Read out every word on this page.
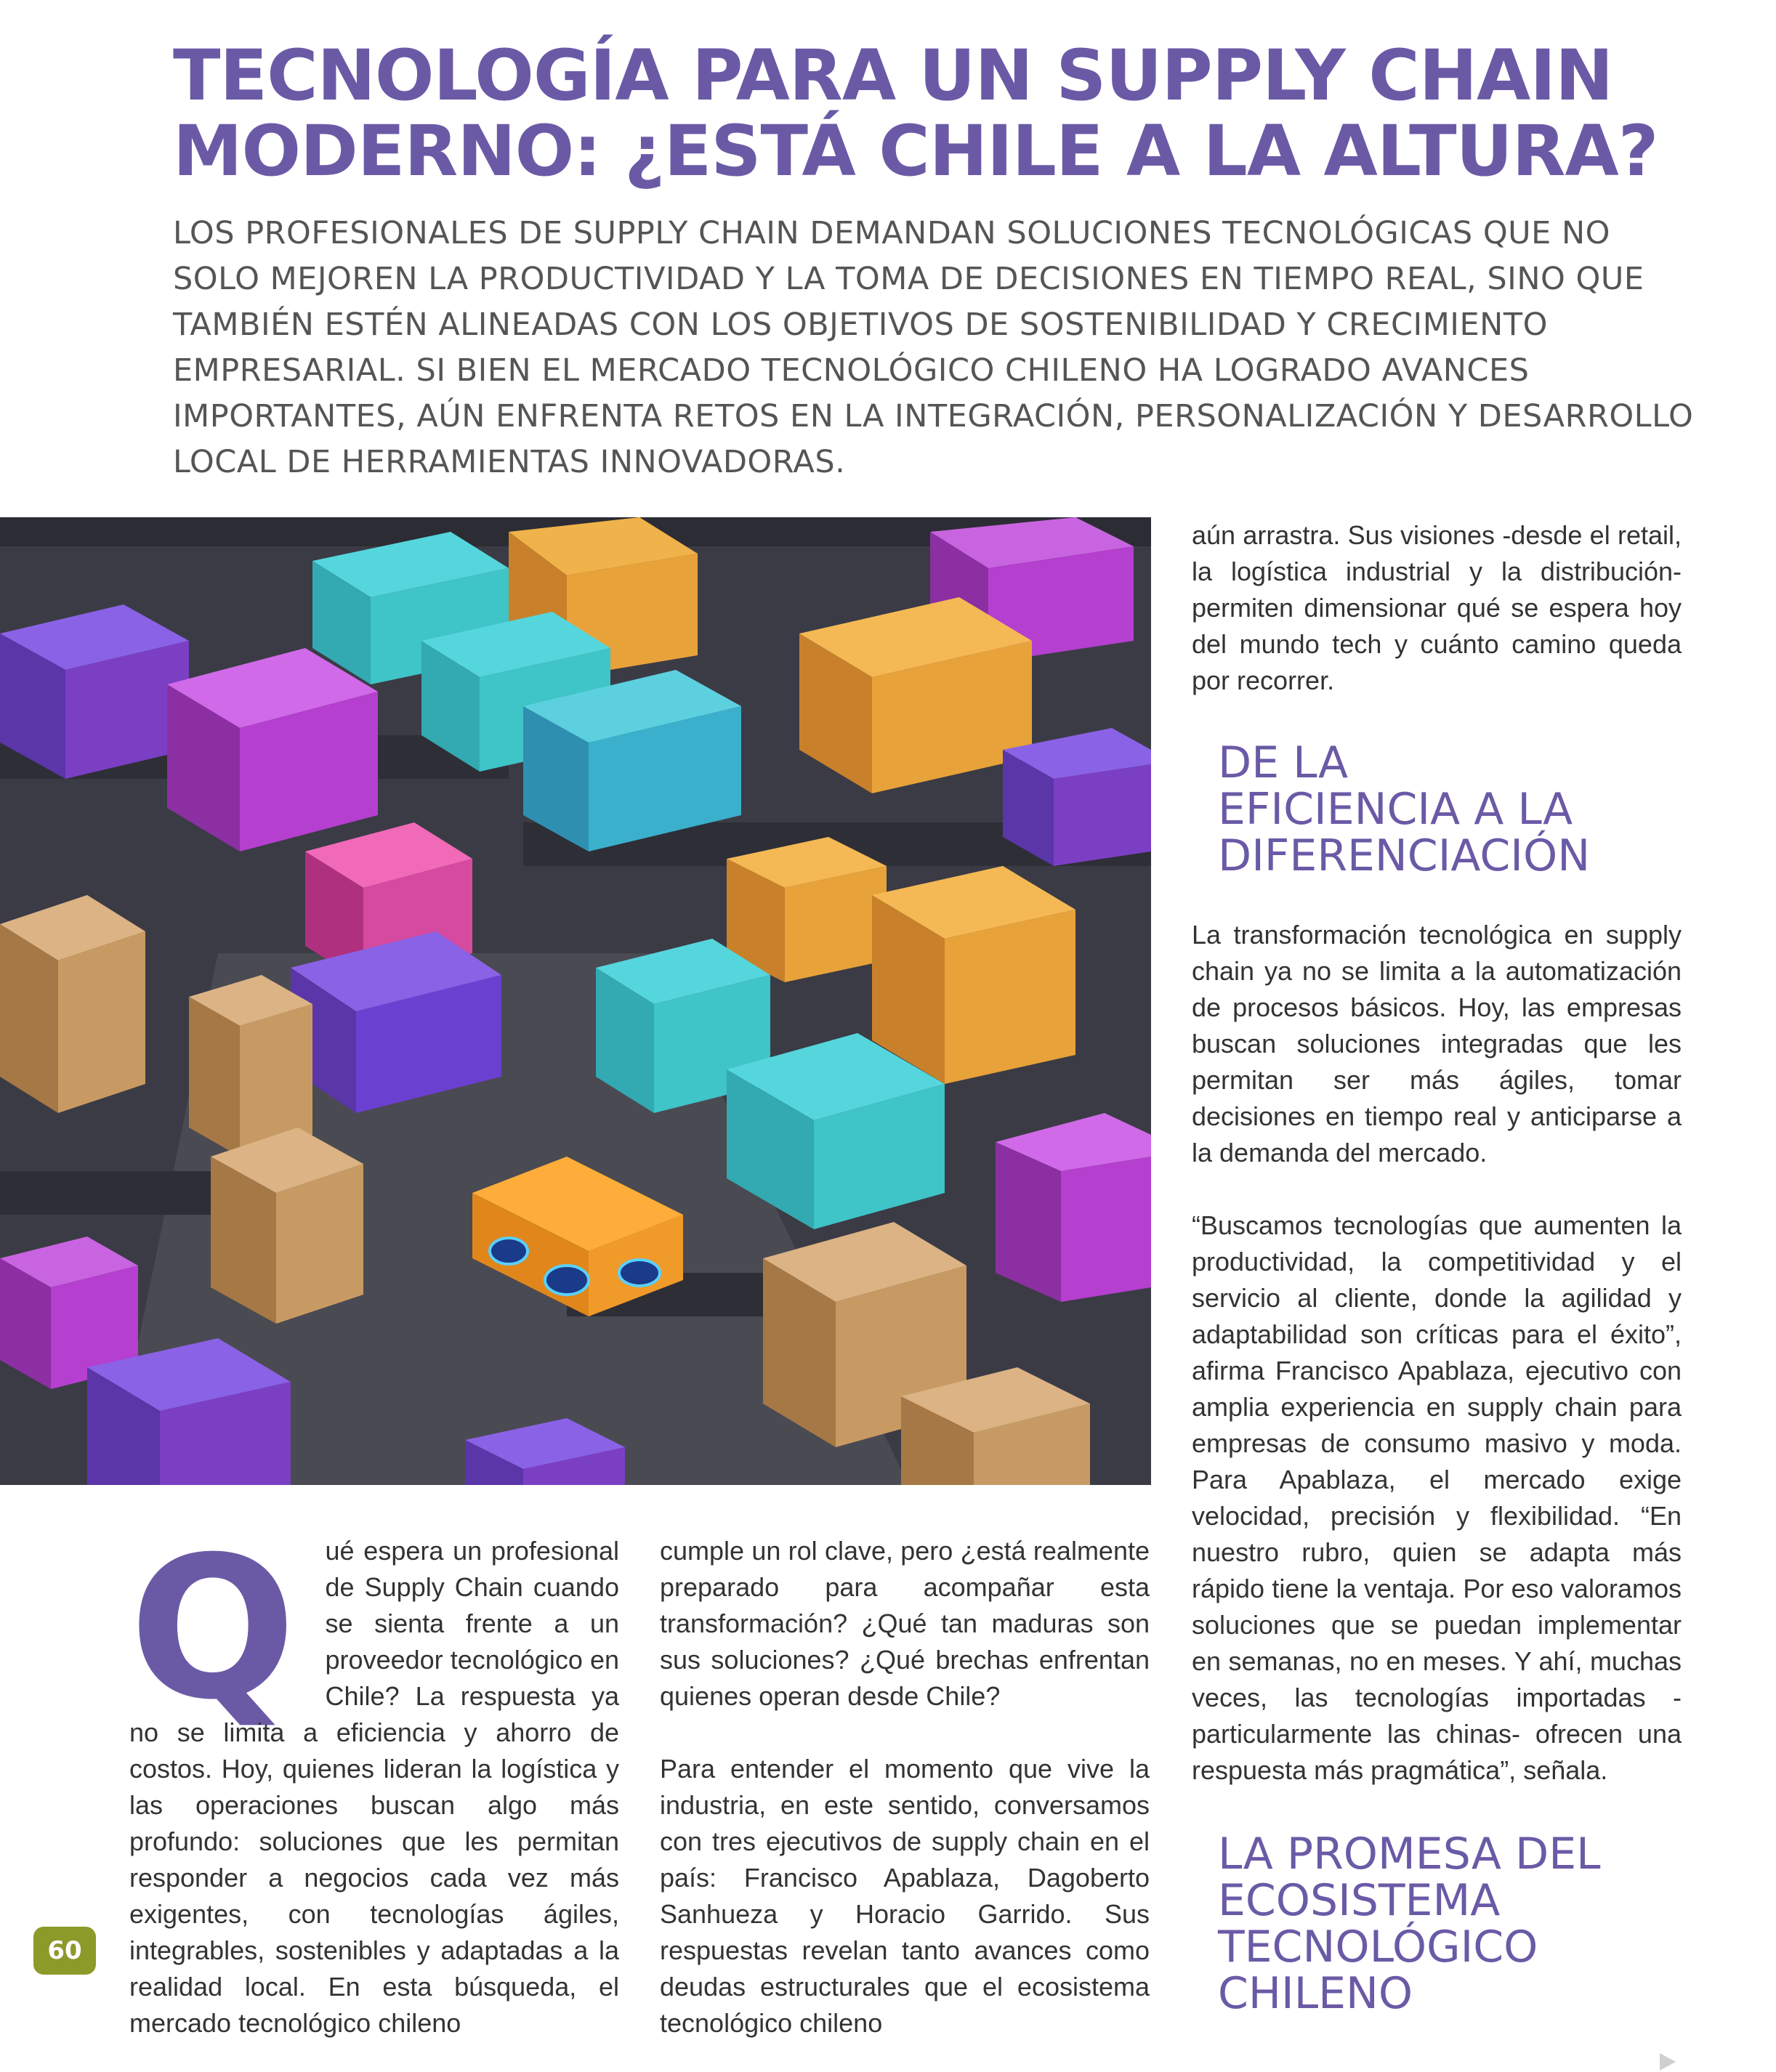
TECNOLOGÍA PARA UN SUPPLY CHAIN
MODERNO: ¿ESTÁ CHILE A LA ALTURA?
LOS PROFESIONALES DE SUPPLY CHAIN DEMANDAN SOLUCIONES TECNOLÓGICAS QUE NO
SOLO MEJOREN LA PRODUCTIVIDAD Y LA TOMA DE DECISIONES EN TIEMPO REAL, SINO QUE
TAMBIÉN ESTÉN ALINEADAS CON LOS OBJETIVOS DE SOSTENIBILIDAD Y CRECIMIENTO
EMPRESARIAL. SI BIEN EL MERCADO TECNOLÓGICO CHILENO HA LOGRADO AVANCES
IMPORTANTES, AÚN ENFRENTA RETOS EN LA INTEGRACIÓN, PERSONALIZACIÓN Y DESARROLLO
LOCAL DE HERRAMIENTAS INNOVADORAS.
60
Q	ué espera un profesional de Supply Chain cuando se sienta frente a un proveedor tecnológico en Chile? La respuesta ya no se limita a eficiencia y ahorro de costos. Hoy, quienes lideran la logística y las operaciones buscan algo más profundo: soluciones que les permitan responder a negocios cada vez más exigentes, con tecnologías ágiles, integrables, sostenibles y adaptadas a la realidad local. En esta búsqueda, el mercado tecnológico chileno

cumple un rol clave, pero ¿está realmente preparado para acompañar esta transformación? ¿Qué tan maduras son sus soluciones? ¿Qué brechas enfrentan quienes operan desde Chile?

Para entender el momento que vive la industria, en este sentido, conversamos con tres ejecutivos de supply chain en el país: Francisco Apablaza, Dagoberto Sanhueza y Horacio Garrido. Sus respuestas revelan tanto avances como deudas estructurales que el ecosistema tecnológico chileno

aún arrastra. Sus visiones -desde el retail, la logística industrial y la distribución- permiten dimensionar qué se espera hoy del mundo tech y cuánto camino queda por recorrer.

DE LA
EFICIENCIA A LA
DIFERENCIACIÓN

La transformación tecnológica en supply chain ya no se limita a la automatización de procesos básicos. Hoy, las empresas buscan soluciones integradas que les permitan ser más ágiles, tomar decisiones en tiempo real y anticiparse a la demanda del mercado.

“Buscamos tecnologías que aumenten la productividad, la competitividad y el servicio al cliente, donde la agilidad y adaptabilidad son críticas para el éxito”, afirma Francisco Apablaza, ejecutivo con amplia experiencia en supply chain para empresas de consumo masivo y moda. Para Apablaza, el mercado exige velocidad, precisión y flexibilidad. “En nuestro rubro, quien se adapta más rápido tiene la ventaja. Por eso valoramos soluciones que se puedan implementar en semanas, no en meses. Y ahí, muchas veces, las tecnologías importadas -particularmente las chinas- ofrecen una respuesta más pragmática”, señala.

LA PROMESA DEL
ECOSISTEMA
TECNOLÓGICO
CHILENO
